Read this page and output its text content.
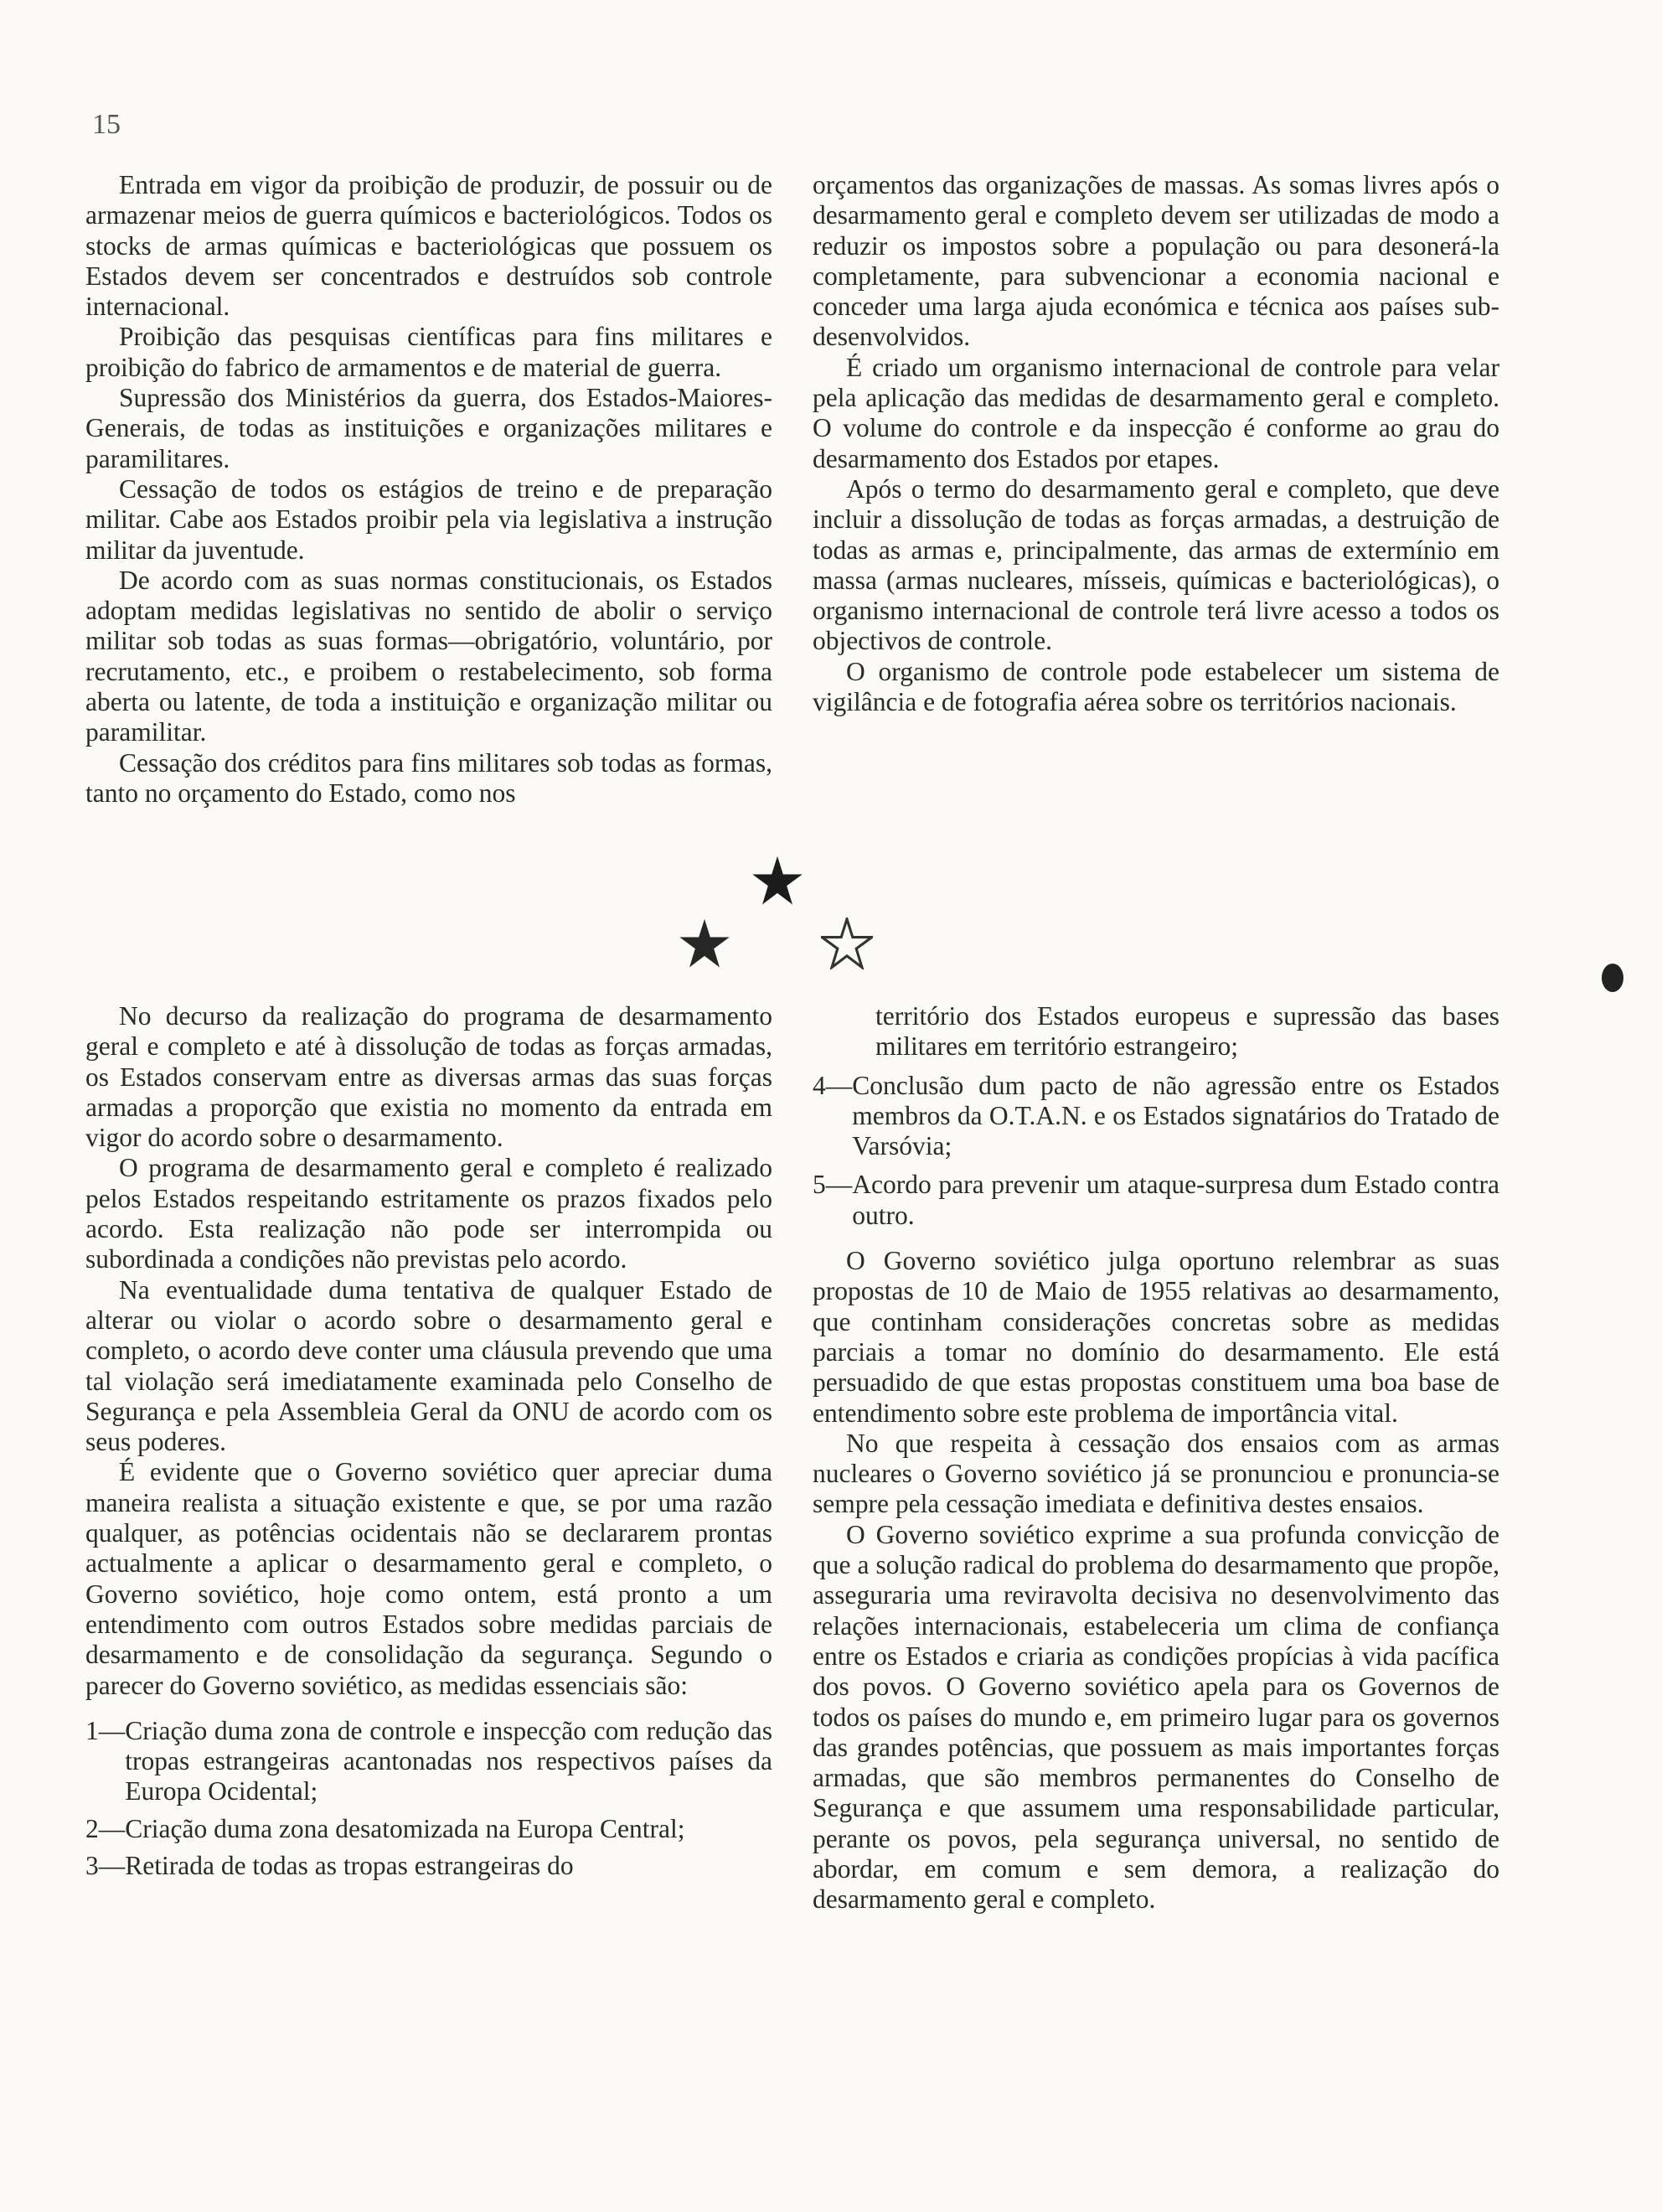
15

Entrada em vigor da proibição de produzir, de possuir ou de armazenar meios de guerra químicos e bacteriológicos. Todos os stocks de armas químicas e bacteriológicas que possuem os Estados devem ser concentrados e destruídos sob controle internacional.

Proibição das pesquisas científicas para fins militares e proibição do fabrico de armamentos e de material de guerra.

Supressão dos Ministérios da guerra, dos Estados-Maiores-Generais, de todas as instituições e organizações militares e paramilitares.

Cessação de todos os estágios de treino e de preparação militar. Cabe aos Estados proibir pela via legislativa a instrução militar da juventude.

De acordo com as suas normas constitucionais, os Estados adoptam medidas legislativas no sentido de abolir o serviço militar sob todas as suas formas—obrigatório, voluntário, por recrutamento, etc., e proibem o restabelecimento, sob forma aberta ou latente, de toda a instituição e organização militar ou paramilitar.

Cessação dos créditos para fins militares sob todas as formas, tanto no orçamento do Estado, como nos

orçamentos das organizações de massas. As somas livres após o desarmamento geral e completo devem ser utilizadas de modo a reduzir os impostos sobre a população ou para desonerá-la completamente, para subvencionar a economia nacional e conceder uma larga ajuda económica e técnica aos países sub-desenvolvidos.

É criado um organismo internacional de controle para velar pela aplicação das medidas de desarmamento geral e completo. O volume do controle e da inspecção é conforme ao grau do desarmamento dos Estados por etapes.

Após o termo do desarmamento geral e completo, que deve incluir a dissolução de todas as forças armadas, a destruição de todas as armas e, principalmente, das armas de extermínio em massa (armas nucleares, mísseis, químicas e bacteriológicas), o organismo internacional de controle terá livre acesso a todos os objectivos de controle.

O organismo de controle pode estabelecer um sistema de vigilância e de fotografia aérea sobre os territórios nacionais.

No decurso da realização do programa de desarmamento geral e completo e até à dissolução de todas as forças armadas, os Estados conservam entre as diversas armas das suas forças armadas a proporção que existia no momento da entrada em vigor do acordo sobre o desarmamento.

O programa de desarmamento geral e completo é realizado pelos Estados respeitando estritamente os prazos fixados pelo acordo. Esta realização não pode ser interrompida ou subordinada a condições não previstas pelo acordo.

Na eventualidade duma tentativa de qualquer Estado de alterar ou violar o acordo sobre o desarmamento geral e completo, o acordo deve conter uma cláusula prevendo que uma tal violação será imediatamente examinada pelo Conselho de Segurança e pela Assembleia Geral da ONU de acordo com os seus poderes.

É evidente que o Governo soviético quer apreciar duma maneira realista a situação existente e que, se por uma razão qualquer, as potências ocidentais não se declararem prontas actualmente a aplicar o desarmamento geral e completo, o Governo soviético, hoje como ontem, está pronto a um entendimento com outros Estados sobre medidas parciais de desarmamento e de consolidação da segurança. Segundo o parecer do Governo soviético, as medidas essenciais são:

1— Criação duma zona de controle e inspecção com redução das tropas estrangeiras acantonadas nos respectivos países da Europa Ocidental;
2— Criação duma zona desatomizada na Europa Central;
3— Retirada de todas as tropas estrangeiras do

território dos Estados europeus e supressão das bases militares em território estrangeiro;

4— Conclusão dum pacto de não agressão entre os Estados membros da O.T.A.N. e os Estados signatários do Tratado de Varsóvia;
5— Acordo para prevenir um ataque-surpresa dum Estado contra outro.

O Governo soviético julga oportuno relembrar as suas propostas de 10 de Maio de 1955 relativas ao desarmamento, que continham considerações concretas sobre as medidas parciais a tomar no domínio do desarmamento. Ele está persuadido de que estas propostas constituem uma boa base de entendimento sobre este problema de importância vital.

No que respeita à cessação dos ensaios com as armas nucleares o Governo soviético já se pronunciou e pronuncia-se sempre pela cessação imediata e definitiva destes ensaios.

O Governo soviético exprime a sua profunda convicção de que a solução radical do problema do desarmamento que propõe, asseguraria uma reviravolta decisiva no desenvolvimento das relações internacionais, estabeleceria um clima de confiança entre os Estados e criaria as condições propícias à vida pacífica dos povos. O Governo soviético apela para os Governos de todos os países do mundo e, em primeiro lugar para os governos das grandes potências, que possuem as mais importantes forças armadas, que são membros permanentes do Conselho de Segurança e que assumem uma responsabilidade particular, perante os povos, pela segurança universal, no sentido de abordar, em comum e sem demora, a realização do desarmamento geral e completo.
